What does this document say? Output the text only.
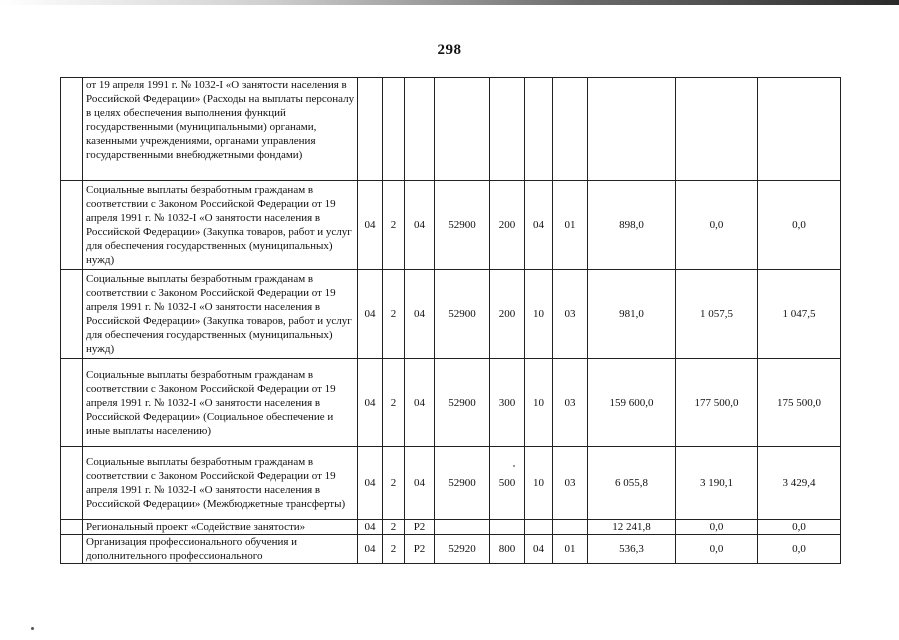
298
	от 19 апреля 1991 г. № 1032-I «О занятости населения в Российской Федерации» (Расходы на выплаты персоналу в целях обеспечения выполнения функций государственными (муниципальными) органами, казенными учреждениями, органами управления государственными внебюджетными фондами)										
	Социальные выплаты безработным гражданам в соответствии с Законом Российской Федерации от 19 апреля 1991 г. № 1032-I «О занятости населения в Российской Федерации» (Закупка товаров, работ и услуг для обеспечения государственных (муниципальных) нужд)	04	2	04	52900	200	04	01	898,0	0,0	0,0
	Социальные выплаты безработным гражданам в соответствии с Законом Российской Федерации от 19 апреля 1991 г. № 1032-I «О занятости населения в Российской Федерации» (Закупка товаров, работ и услуг для обеспечения государственных (муниципальных) нужд)	04	2	04	52900	200	10	03	981,0	1 057,5	1 047,5
	Социальные выплаты безработным гражданам в соответствии с Законом Российской Федерации от 19 апреля 1991 г. № 1032-I «О занятости населения в Российской Федерации» (Социальное обеспечение и иные выплаты населению)	04	2	04	52900	300	10	03	159 600,0	177 500,0	175 500,0
	Социальные выплаты безработным гражданам в соответствии с Законом Российской Федерации от 19 апреля 1991 г. № 1032-I «О занятости населения в Российской Федерации» (Межбюджетные трансферты)	04	2	04	52900	500	10	03	6 055,8	3 190,1	3 429,4
	Региональный проект «Содействие занятости»	04	2	P2					12 241,8	0,0	0,0
	Организация профессионального обучения и дополнительного профессионального	04	2	P2	52920	800	04	01	536,3	0,0	0,0
